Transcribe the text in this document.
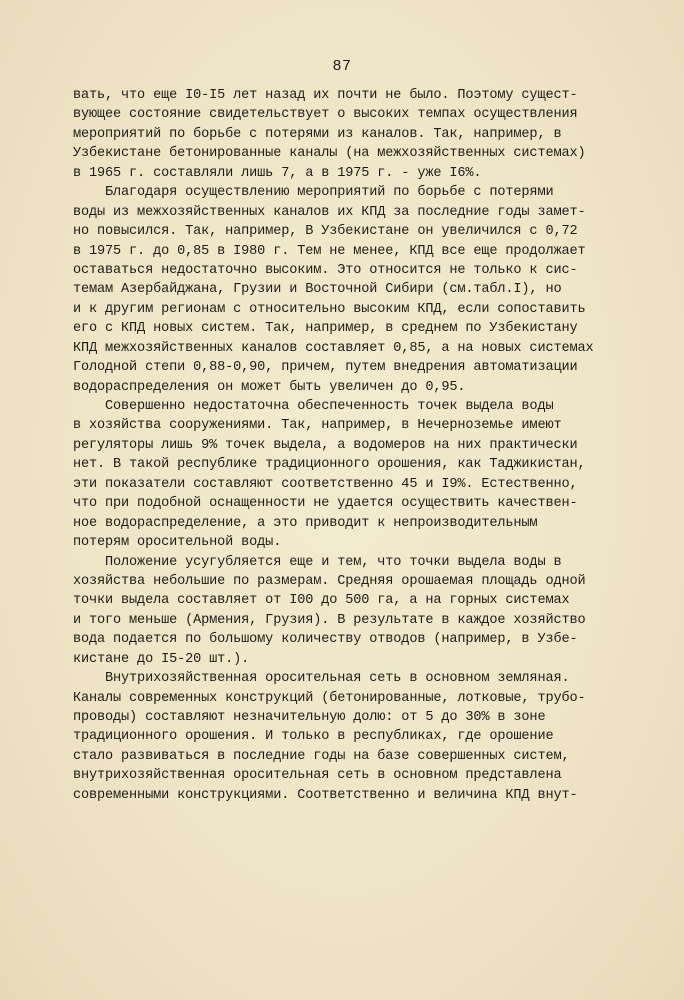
87
вать, что еще I0-I5 лет назад их почти не было. Поэтому сущест-
вующее состояние свидетельствует о высоких темпах осуществления
мероприятий по борьбе с потерями из каналов. Так, например, в
Узбекистане бетонированные каналы (на межхозяйственных системах)
в 1965 г. составляли лишь 7, а в 1975 г. - уже I6%.
Благодаря осуществлению мероприятий по борьбе с потерями
воды из межхозяйственных каналов их КПД за последние годы замет-
но повысился. Так, например, В Узбекистане он увеличился с 0,72
в 1975 г. до 0,85 в I980 г. Тем не менее, КПД все еще продолжает
оставаться недостаточно высоким. Это относится не только к сис-
темам Азербайджана, Грузии и Восточной Сибири (см.табл.I), но
и к другим регионам с относительно высоким КПД, если сопоставить
его с КПД новых систем. Так, например, в среднем по Узбекистану
КПД межхозяйственных каналов составляет 0,85, а на новых системах
Голодной степи 0,88-0,90, причем, путем внедрения автоматизации
водораспределения он может быть увеличен до 0,95.
Совершенно недостаточна обеспеченность точек выдела воды
в хозяйства сооружениями. Так, например, в Нечерноземье имеют
регуляторы лишь 9% точек выдела, а водомеров на них практически
нет. В такой республике традиционного орошения, как Таджикистан,
эти показатели составляют соответственно 45 и I9%. Естественно,
что при подобной оснащенности не удается осуществить качествен-
ное водораспределение, а это приводит к непроизводительным
потерям оросительной воды.
Положение усугубляется еще и тем, что точки выдела воды в
хозяйства небольшие по размерам. Средняя орошаемая площадь одной
точки выдела составляет от I00 до 500 га, а на горных системах
и того меньше (Армения, Грузия). В результате в каждое хозяйство
вода подается по большому количеству отводов (например, в Узбе-
кистане до I5-20 шт.).
Внутрихозяйственная оросительная сеть в основном земляная.
Каналы современных конструкций (бетонированные, лотковые, трубо-
проводы) составляют незначительную долю: от 5 до 30% в зоне
традиционного орошения. И только в республиках, где орошение
стало развиваться в последние годы на базе совершенных систем,
внутрихозяйственная оросительная сеть в основном представлена
современными конструкциями. Соответственно и величина КПД внут-
